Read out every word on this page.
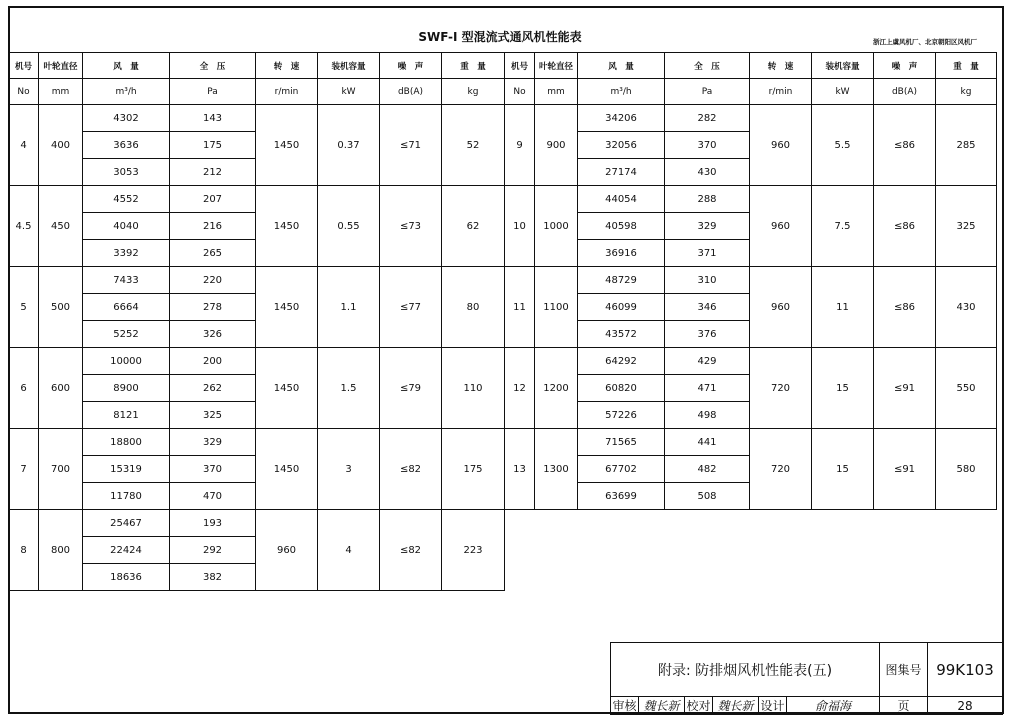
SWF-I 型混流式通风机性能表	浙江上虞风机厂、北京朝阳区风机厂
机号	叶轮直径	风　量	全　压	转　速	装机容量	噪　声	重　量	机号	叶轮直径	风　量	全　压	转　速	装机容量	噪　声	重　量
No	mm	m³/h	Pa	r/min	kW	dB(A)	kg	No	mm	m³/h	Pa	r/min	kW	dB(A)	kg
4	400	4302	143	1450	0.37	≤71	52	9	900	34206	282	960	5.5	≤86	285
		3636	175							32056	370				
		3053	212							27174	430				
4.5	450	4552	207	1450	0.55	≤73	62	10	1000	44054	288	960	7.5	≤86	325
		4040	216							40598	329				
		3392	265							36916	371				
5	500	7433	220	1450	1.1	≤77	80	11	1100	48729	310	960	11	≤86	430
		6664	278							46099	346				
		5252	326							43572	376				
6	600	10000	200	1450	1.5	≤79	110	12	1200	64292	429	720	15	≤91	550
		8900	262							60820	471				
		8121	325							57226	498				
7	700	18800	329	1450	3	≤82	175	13	1300	71565	441	720	15	≤91	580
		15319	370							67702	482				
		11780	470							63699	508				
8	800	25467	193	960	4	≤82	223								
		22424	292												
		18636	382												
附录: 防排烟风机性能表(五)						图集号	99K103
审核	魏长新	校对	魏长新	设计	俞福海	页	28
